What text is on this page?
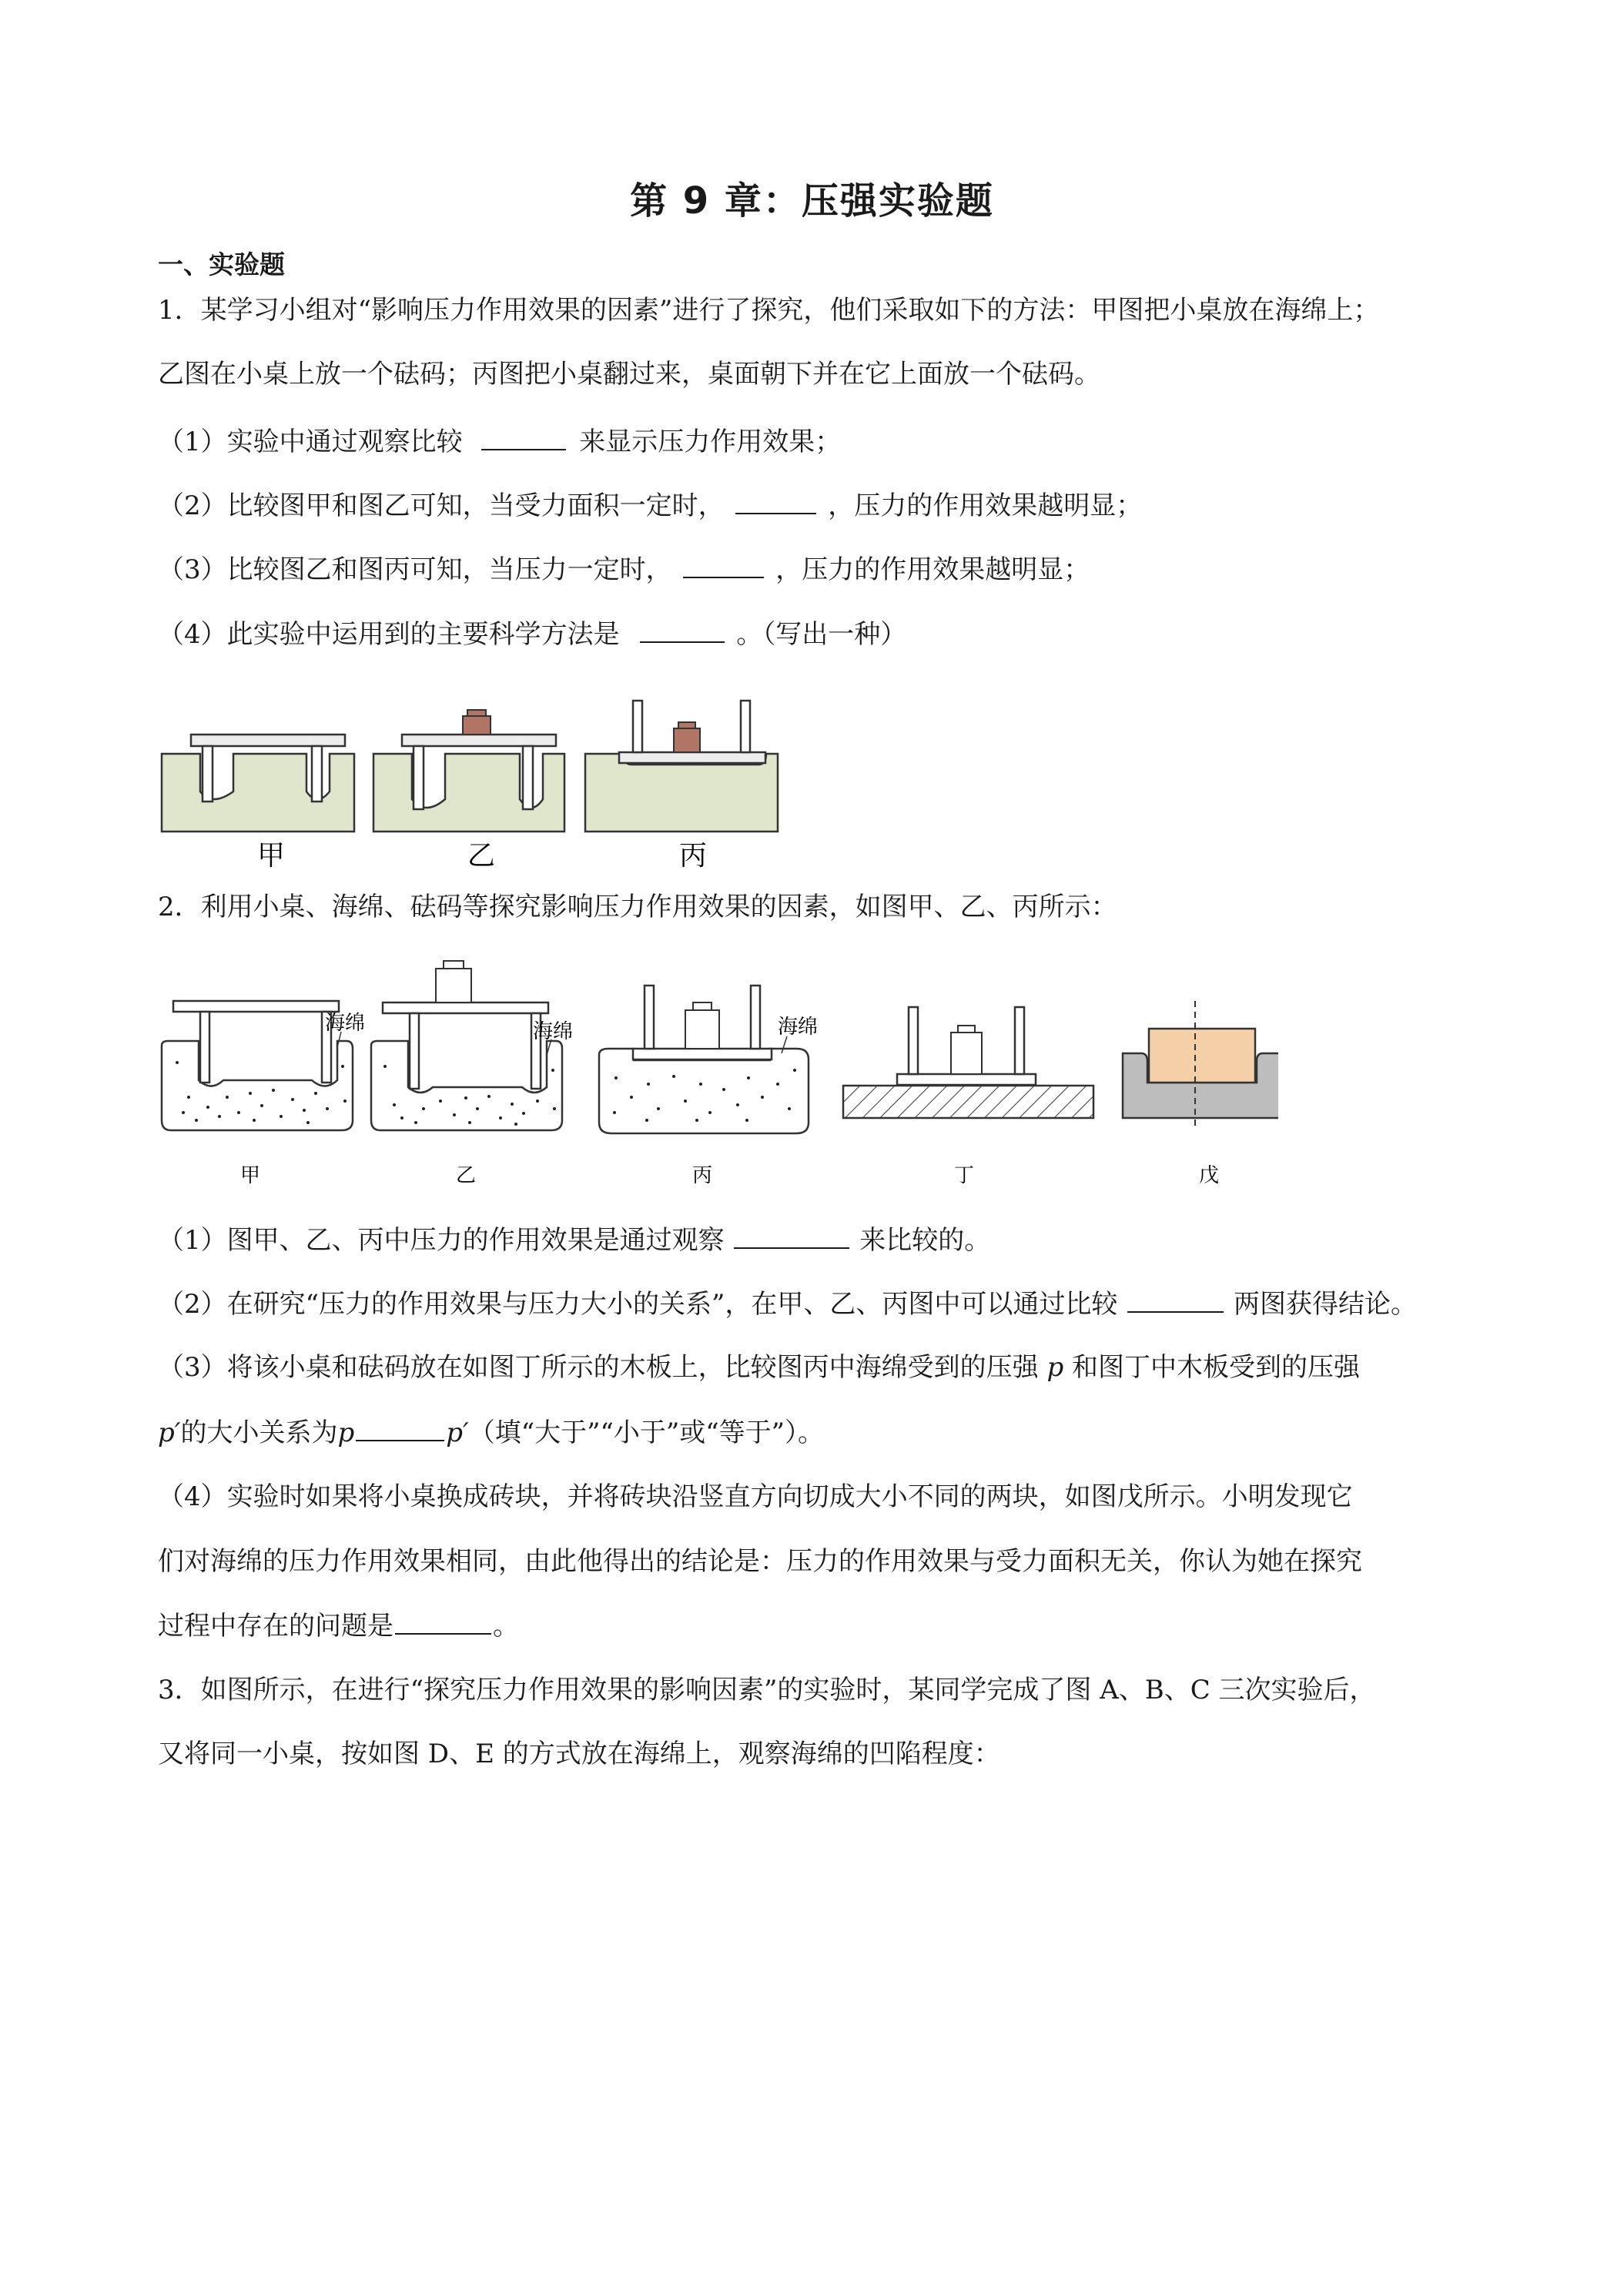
第 9 章：压强实验题
一、实验题
1．某学习小组对“影响压力作用效果的因素”进行了探究，他们采取如下的方法：甲图把小桌放在海绵上；
乙图在小桌上放一个砝码；丙图把小桌翻过来，桌面朝下并在它上面放一个砝码。
（1）实验中通过观察比较	来显示压力作用效果；
（2）比较图甲和图乙可知，当受力面积一定时，	，压力的作用效果越明显；
（3）比较图乙和图丙可知，当压力一定时，	，压力的作用效果越明显；
（4）此实验中运用到的主要科学方法是	。（写出一种）
甲	乙	丙
2．利用小桌、海绵、砝码等探究影响压力作用效果的因素，如图甲、乙、丙所示：
海绵	海绵	海绵
甲	乙	丙	丁	戊
（1）图甲、乙、丙中压力的作用效果是通过观察	来比较的。
（2）在研究“压力的作用效果与压力大小的关系”，在甲、乙、丙图中可以通过比较	两图获得结论。
（3）将该小桌和砝码放在如图丁所示的木板上，比较图丙中海绵受到的压强 p 和图丁中木板受到的压强
p′的大小关系为p	p′（填“大于”“小于”或“等于”）。
（4）实验时如果将小桌换成砖块，并将砖块沿竖直方向切成大小不同的两块，如图戊所示。小明发现它
们对海绵的压力作用效果相同，由此他得出的结论是：压力的作用效果与受力面积无关，你认为她在探究
过程中存在的问题是	。
3．如图所示，在进行“探究压力作用效果的影响因素”的实验时，某同学完成了图 A、B、C 三次实验后，
又将同一小桌，按如图 D、E 的方式放在海绵上，观察海绵的凹陷程度：
